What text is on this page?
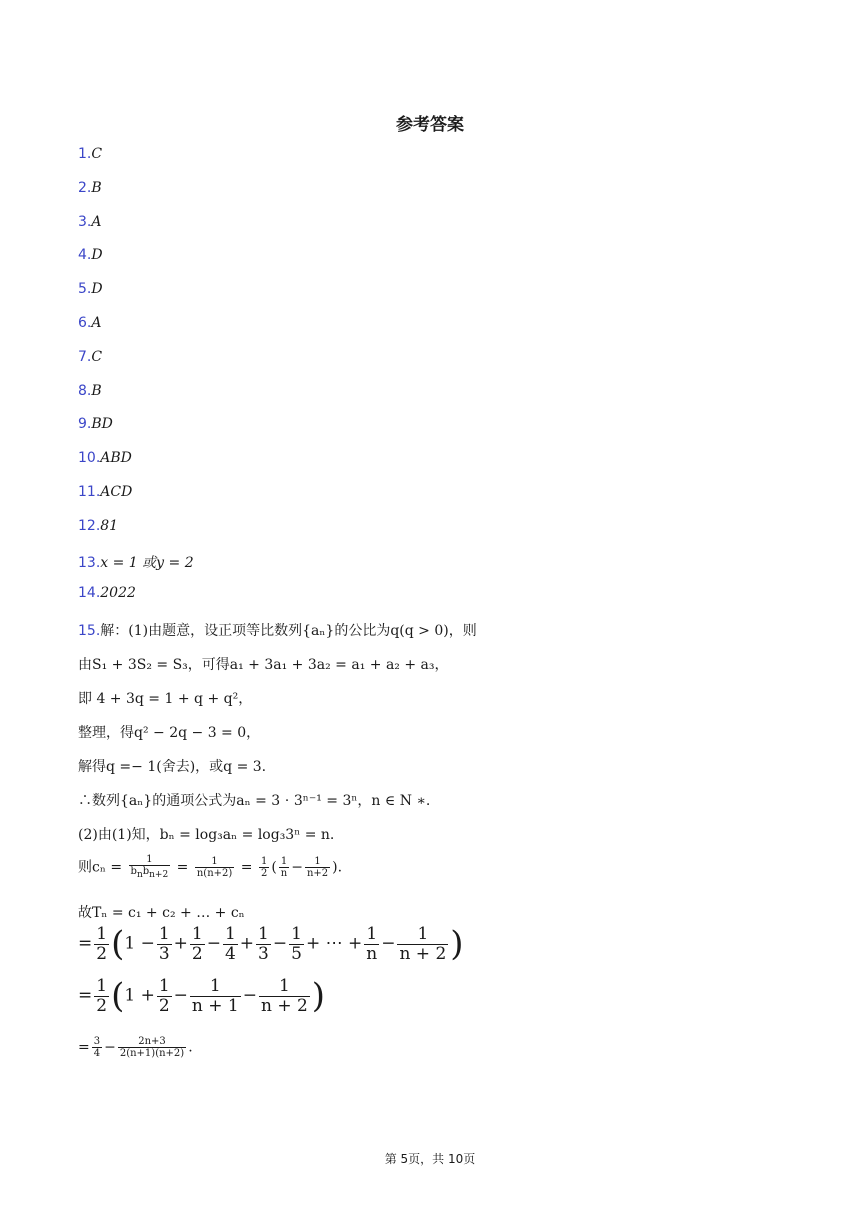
参考答案
1.C
2.B
3.A
4.D
5.D
6.A
7.C
8.B
9.BD
10.ABD
11.ACD
12.81
13.x = 1 或y = 2
14.2022
15.解：(1)由题意，设正项等比数列{aₙ}的公比为q(q > 0)，则
由S₁ + 3S₂ = S₃，可得a₁ + 3a₁ + 3a₂ = a₁ + a₂ + a₃，
即 4 + 3q = 1 + q + q²，
整理，得q² − 2q − 3 = 0，
解得q =− 1(舍去)，或q = 3.
∴数列{aₙ}的通项公式为aₙ = 3 ⋅ 3ⁿ⁻¹ = 3ⁿ，n ∈ N ∗.
(2)由(1)知，bₙ = log₃aₙ = log₃3ⁿ = n.
则$c_n = \frac{1}{b_nb_{n+2}} = \frac{1}{n(n+2)} = \frac{1}{2}$ ( $\frac{1}{n} - \frac{1}{n+2}$ ).
故Tₙ = c₁ + c₂ + … + cₙ
= $\frac{1}{2} (1 - \frac{1}{3} + \frac{1}{2} - \frac{1}{4} + \frac{1}{3} - \frac{1}{5}$ + ⋯ + $\frac{1}{n} - \frac{1}{n + 2}$ )
= $\frac{1}{2} (1 + \frac{1}{2} - \frac{1}{n + 1} - \frac{1}{n + 2}$ )
= $\frac{3}{4} - \frac{2n+3}{2(n+1)(n+2)}$ .
第 5页，共 10页
